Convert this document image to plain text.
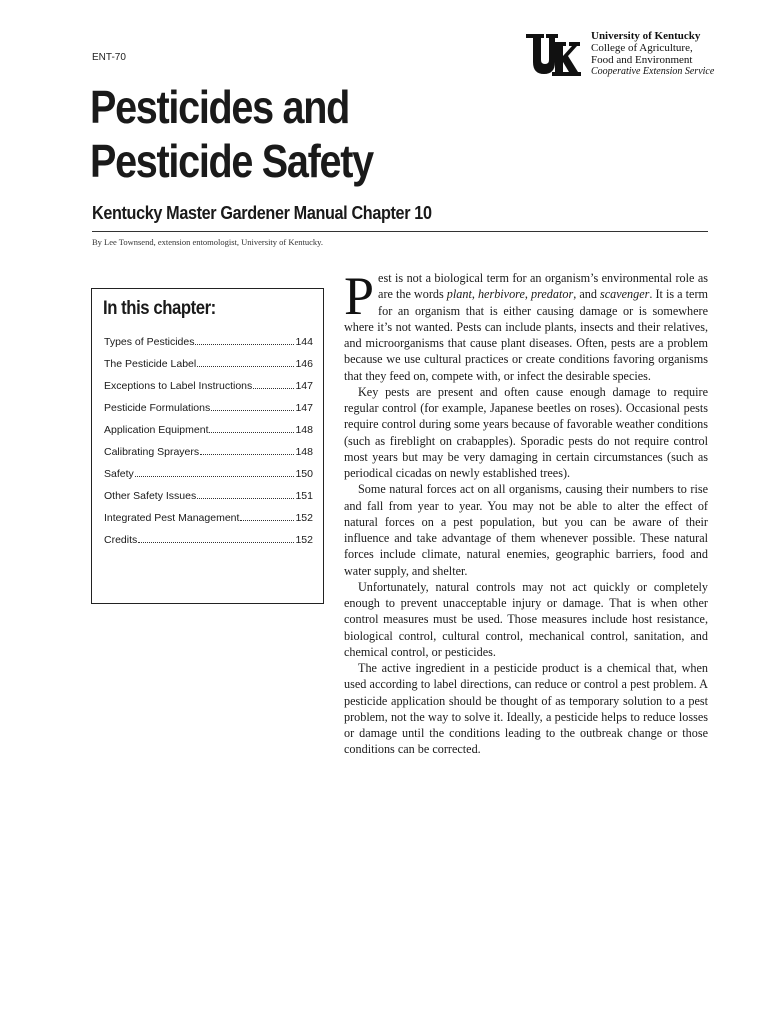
ENT-70
University of Kentucky
College of Agriculture,
Food and Environment
Cooperative Extension Service
Pesticides and
Pesticide Safety
Kentucky Master Gardener Manual Chapter 10
By Lee Townsend, extension entomologist, University of Kentucky.
In this chapter:
Types of Pesticides	144
The Pesticide Label	146
Exceptions to Label Instructions	147
Pesticide Formulations	147
Application Equipment	148
Calibrating Sprayers	148
Safety	150
Other Safety Issues	151
Integrated Pest Management	152
Credits	152

Pest is not a biological term for an organism’s environmental role as are the words plant, herbivore, predator, and scavenger. It is a term for an organism that is either causing damage or is somewhere where it’s not wanted. Pests can include plants, insects and their relatives, and microorganisms that cause plant diseases. Often, pests are a problem because we use cultural practices or create conditions favoring organisms that they feed on, compete with, or infect the desirable species.

Key pests are present and often cause enough damage to require regular control (for example, Japanese beetles on roses). Occasional pests require control during some years because of favorable weather conditions (such as fireblight on crabapples). Sporadic pests do not require control most years but may be very damaging in certain circumstances (such as periodical cicadas on newly established trees).

Some natural forces act on all organisms, causing their numbers to rise and fall from year to year. You may not be able to alter the effect of natural forces on a pest population, but you can be aware of their influence and take advantage of them whenever possible. These natural forces include climate, natural enemies, geographic barriers, food and water supply, and shelter.

Unfortunately, natural controls may not act quickly or completely enough to prevent unacceptable injury or damage. That is when other control measures must be used. Those measures include host resistance, biological control, cultural control, mechanical control, sanitation, and chemical control, or pesticides.

The active ingredient in a pesticide product is a chemical that, when used according to label directions, can reduce or control a pest problem. A pesticide application should be thought of as temporary solution to a pest problem, not the way to solve it. Ideally, a pesticide helps to reduce losses or damage until the conditions leading to the outbreak change or those conditions can be corrected.
